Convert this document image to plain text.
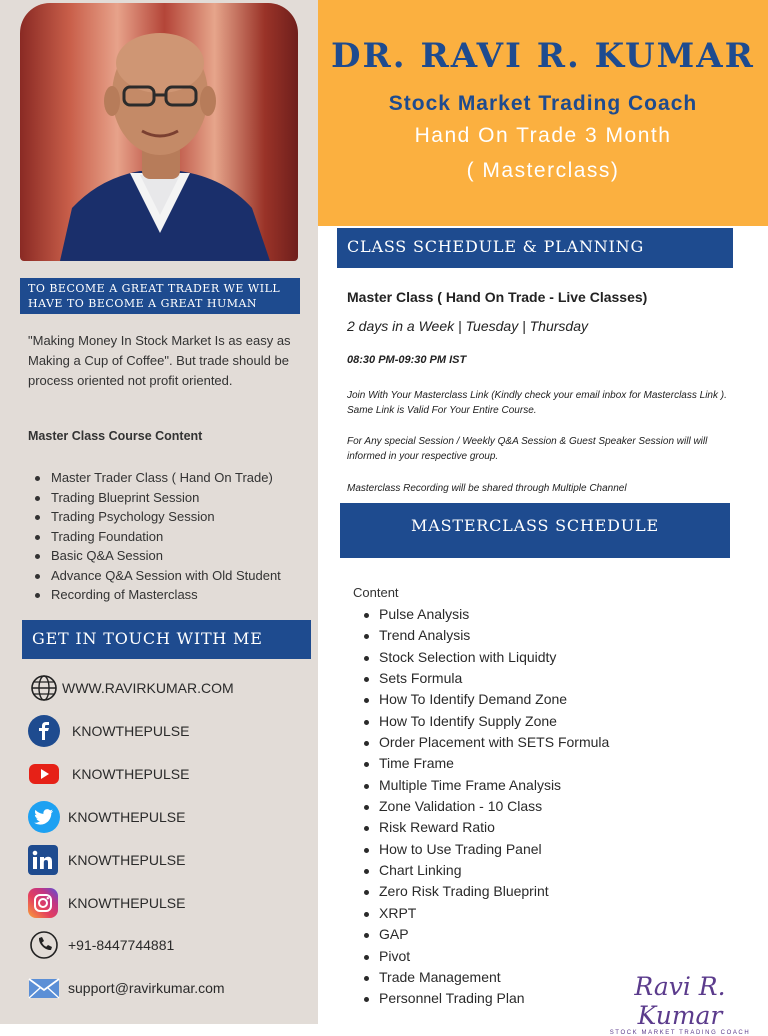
TO BECOME A GREAT TRADER WE WILL HAVE TO BECOME A GREAT HUMAN

"Making Money In Stock Market Is as easy as Making a Cup of Coffee". But trade should be process oriented not profit oriented.

Master Class Course Content
Master Trader Class ( Hand On Trade)
Trading Blueprint Session
Trading Psychology Session
Trading Foundation
Basic Q&A Session
Advance Q&A Session with Old Student
Recording of Masterclass
GET IN TOUCH WITH ME
WWW.RAVIRKUMAR.COM
KNOWTHEPULSE
KNOWTHEPULSE
KNOWTHEPULSE
KNOWTHEPULSE
KNOWTHEPULSE
+91-8447744881
support@ravirkumar.com
DR. RAVI R. KUMAR
Stock Market Trading Coach
Hand On Trade 3 Month
( Masterclass)
CLASS SCHEDULE & PLANNING
Master Class ( Hand On Trade - Live Classes)
2 days in a Week | Tuesday | Thursday
08:30 PM-09:30 PM IST

Join With Your Masterclass Link (Kindly check your email inbox for Masterclass Link ). Same Link is Valid For Your Entire Course.

For Any special Session / Weekly Q&A Session & Guest Speaker Session will will informed in your respective group.

Masterclass Recording will be shared through Multiple Channel

MASTERCLASS SCHEDULE
Content
Pulse Analysis
Trend Analysis
Stock Selection with Liquidty
Sets Formula
How To Identify Demand Zone
How To Identify Supply Zone
Order Placement with SETS Formula
Time Frame
Multiple Time Frame Analysis
Zone Validation - 10 Class
Risk Reward Ratio
How to Use Trading Panel
Chart Linking
Zero Risk Trading Blueprint
XRPT
GAP
Pivot
Trade Management
Personnel Trading Plan	Ravi R. Kumar
STOCK MARKET TRADING COACH
